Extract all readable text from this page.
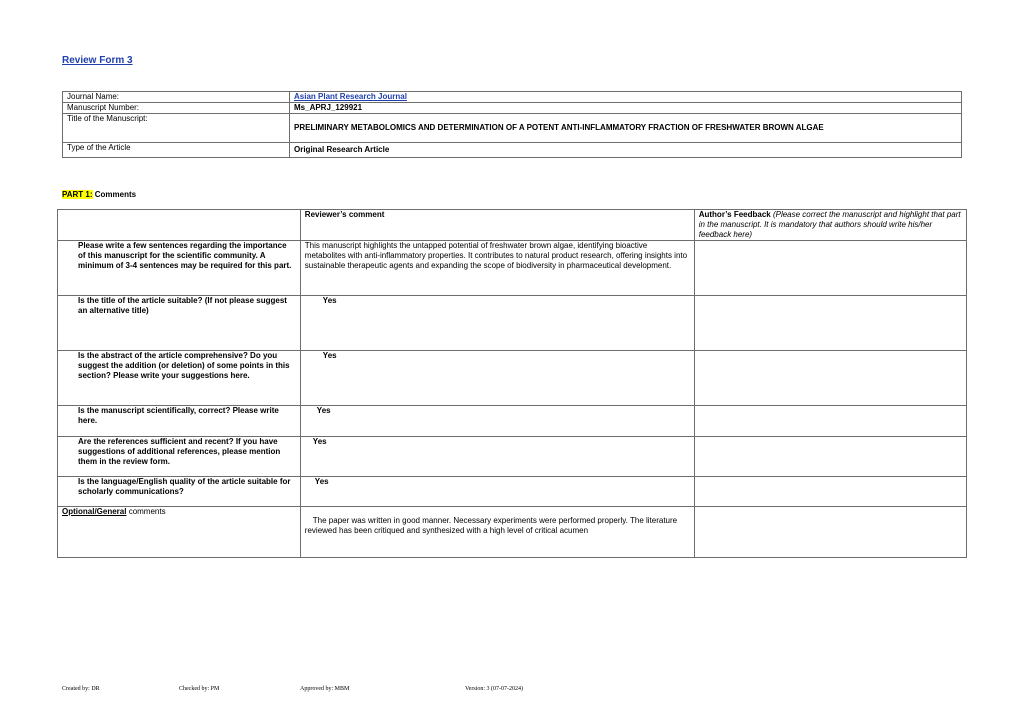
Review Form 3
Journal Name:	Asian Plant Research Journal
Manuscript Number:	Ms_APRJ_129921
Title of the Manuscript:	PRELIMINARY METABOLOMICS AND DETERMINATION OF A POTENT ANTI-INFLAMMATORY FRACTION OF FRESHWATER BROWN ALGAE
Type of the Article	Original Research Article
PART 1: Comments
	Reviewer’s comment	Author’s Feedback (Please correct the manuscript and highlight that part in the manuscript. It is mandatory that authors should write his/her feedback here)
Please write a few sentences regarding the importance of this manuscript for the scientific community. A minimum of 3-4 sentences may be required for this part.	This manuscript highlights the untapped potential of freshwater brown algae, identifying bioactive metabolites with anti-inflammatory properties. It contributes to natural product research, offering insights into sustainable therapeutic agents and expanding the scope of biodiversity in pharmaceutical development.	
Is the title of the article suitable? (If not please suggest an alternative title)	Yes	
Is the abstract of the article comprehensive? Do you suggest the addition (or deletion) of some points in this section? Please write your suggestions here.	Yes	
Is the manuscript scientifically, correct? Please write here.	Yes	
Are the references sufficient and recent? If you have suggestions of additional references, please mention them in the review form.	Yes	
Is the language/English quality of the article suitable for scholarly communications?	Yes	
Optional/General comments	The paper was written in good manner. Necessary experiments were performed properly. The literature reviewed has been critiqued and synthesized with a high level of critical acumen	

Created by: DR	Checked by: PM	Approved by: MBM	Version: 3 (07-07-2024)
